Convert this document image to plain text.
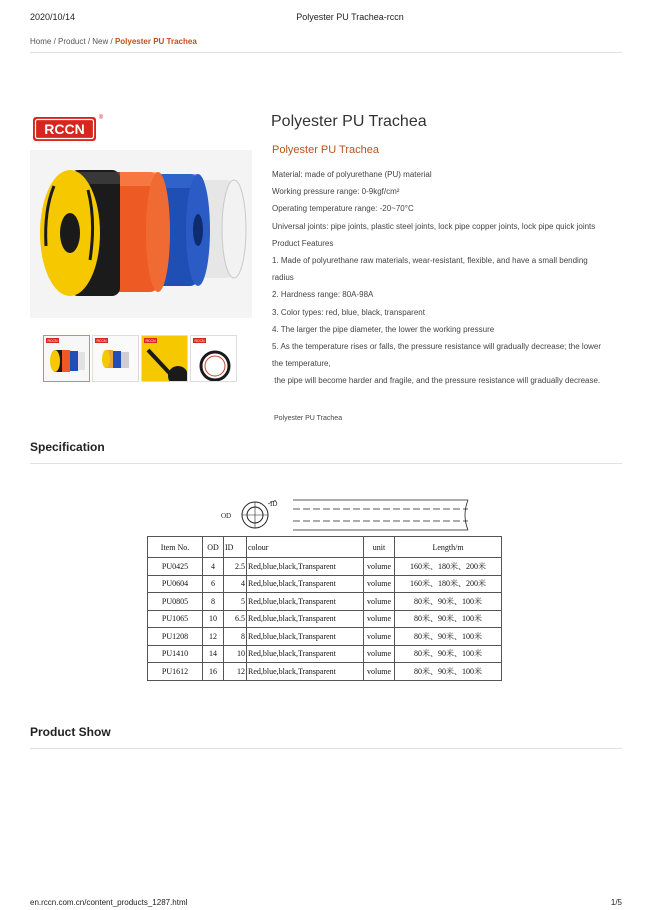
2020/10/14	Polyester PU Trachea-rccn
Home / Product / New / Polyester PU Trachea
RCCN
®
RCCN	RCCN	RCCN	RCCN
Polyester PU Trachea
Polyester PU Trachea
Material: made of polyurethane (PU) material
Working pressure range: 0-9kgf/cm²
Operating temperature range: -20~70°C
Universal joints: pipe joints, plastic steel joints, lock pipe copper joints, lock pipe quick joints
Product Features
1. Made of polyurethane raw materials, wear-resistant, flexible, and have a small bending
radius
2. Hardness range: 80A-98A
3. Color types: red, blue, black, transparent
4. The larger the pipe diameter, the lower the working pressure
5. As the temperature rises or falls, the pressure resistance will gradually decrease; the lower
the temperature,
the pipe will become harder and fragile, and the pressure resistance will gradually decrease.
Polyester PU Trachea
Specification
ID
OD
Item No.	OD	ID	colour	unit	Length/m
PU0425	4	2.5	Red,blue,black,Transparent	volume	160米、180米、200米
PU0604	6	4	Red,blue,black,Transparent	volume	160米、180米、200米
PU0805	8	5	Red,blue,black,Transparent	volume	80米、90米、100米
PU1065	10	6.5	Red,blue,black,Transparent	volume	80米、90米、100米
PU1208	12	8	Red,blue,black,Transparent	volume	80米、90米、100米
PU1410	14	10	Red,blue,black,Transparent	volume	80米、90米、100米
PU1612	16	12	Red,blue,black,Transparent	volume	80米、90米、100米
Product Show
en.rccn.com.cn/content_products_1287.html	1/5
